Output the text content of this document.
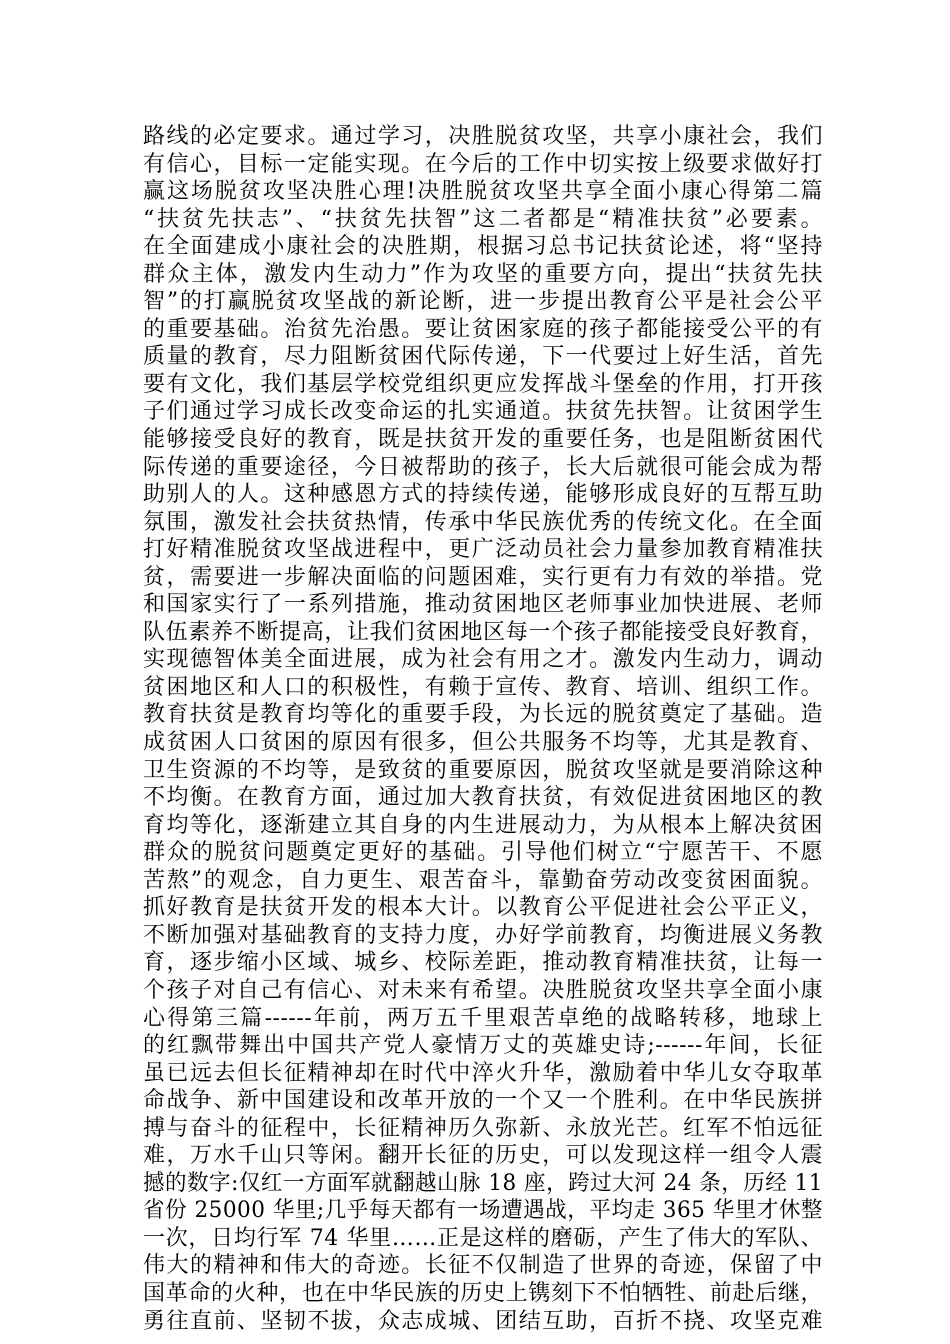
路线的必定要求。通过学习，决胜脱贫攻坚，共享小康社会，我们
有信心，目标一定能实现。在今后的工作中切实按上级要求做好打
赢这场脱贫攻坚决胜心理!决胜脱贫攻坚共享全面小康心得第二篇
“扶贫先扶志”、“扶贫先扶智”这二者都是“精准扶贫”必要素。
在全面建成小康社会的决胜期，根据习总书记扶贫论述，将“坚持
群众主体，激发内生动力”作为攻坚的重要方向，提出“扶贫先扶
智”的打赢脱贫攻坚战的新论断，进一步提出教育公平是社会公平
的重要基础。治贫先治愚。要让贫困家庭的孩子都能接受公平的有
质量的教育，尽力阻断贫困代际传递，下一代要过上好生活，首先
要有文化，我们基层学校党组织更应发挥战斗堡垒的作用，打开孩
子们通过学习成长改变命运的扎实通道。扶贫先扶智。让贫困学生
能够接受良好的教育，既是扶贫开发的重要任务，也是阻断贫困代
际传递的重要途径，今日被帮助的孩子，长大后就很可能会成为帮
助别人的人。这种感恩方式的持续传递，能够形成良好的互帮互助
氛围，激发社会扶贫热情，传承中华民族优秀的传统文化。在全面
打好精准脱贫攻坚战进程中，更广泛动员社会力量参加教育精准扶
贫，需要进一步解决面临的问题困难，实行更有力有效的举措。党
和国家实行了一系列措施，推动贫困地区老师事业加快进展、老师
队伍素养不断提高，让我们贫困地区每一个孩子都能接受良好教育，
实现德智体美全面进展，成为社会有用之才。激发内生动力，调动
贫困地区和人口的积极性，有赖于宣传、教育、培训、组织工作。
教育扶贫是教育均等化的重要手段，为长远的脱贫奠定了基础。造
成贫困人口贫困的原因有很多，但公共服务不均等，尤其是教育、
卫生资源的不均等，是致贫的重要原因，脱贫攻坚就是要消除这种
不均衡。在教育方面，通过加大教育扶贫，有效促进贫困地区的教
育均等化，逐渐建立其自身的内生进展动力，为从根本上解决贫困
群众的脱贫问题奠定更好的基础。引导他们树立“宁愿苦干、不愿
苦熬”的观念，自力更生、艰苦奋斗，靠勤奋劳动改变贫困面貌。
抓好教育是扶贫开发的根本大计。以教育公平促进社会公平正义，
不断加强对基础教育的支持力度，办好学前教育，均衡进展义务教
育，逐步缩小区域、城乡、校际差距，推动教育精准扶贫，让每一
个孩子对自己有信心、对未来有希望。决胜脱贫攻坚共享全面小康
心得第三篇------年前，两万五千里艰苦卓绝的战略转移，地球上
的红飘带舞出中国共产党人豪情万丈的英雄史诗;------年间，长征
虽已远去但长征精神却在时代中淬火升华，激励着中华儿女夺取革
命战争、新中国建设和改革开放的一个又一个胜利。在中华民族拼
搏与奋斗的征程中，长征精神历久弥新、永放光芒。红军不怕远征
难，万水千山只等闲。翻开长征的历史，可以发现这样一组令人震
撼的数字:仅红一方面军就翻越山脉 18 座，跨过大河 24 条，历经 11
省份 25000 华里;几乎每天都有一场遭遇战，平均走 365 华里才休整
一次，日均行军 74 华里……正是这样的磨砺，产生了伟大的军队、
伟大的精神和伟大的奇迹。长征不仅制造了世界的奇迹，保留了中
国革命的火种，也在中华民族的历史上镌刻下不怕牺牲、前赴后继，
勇往直前、坚韧不拔，众志成城、团结互助，百折不挠、攻坚克难
